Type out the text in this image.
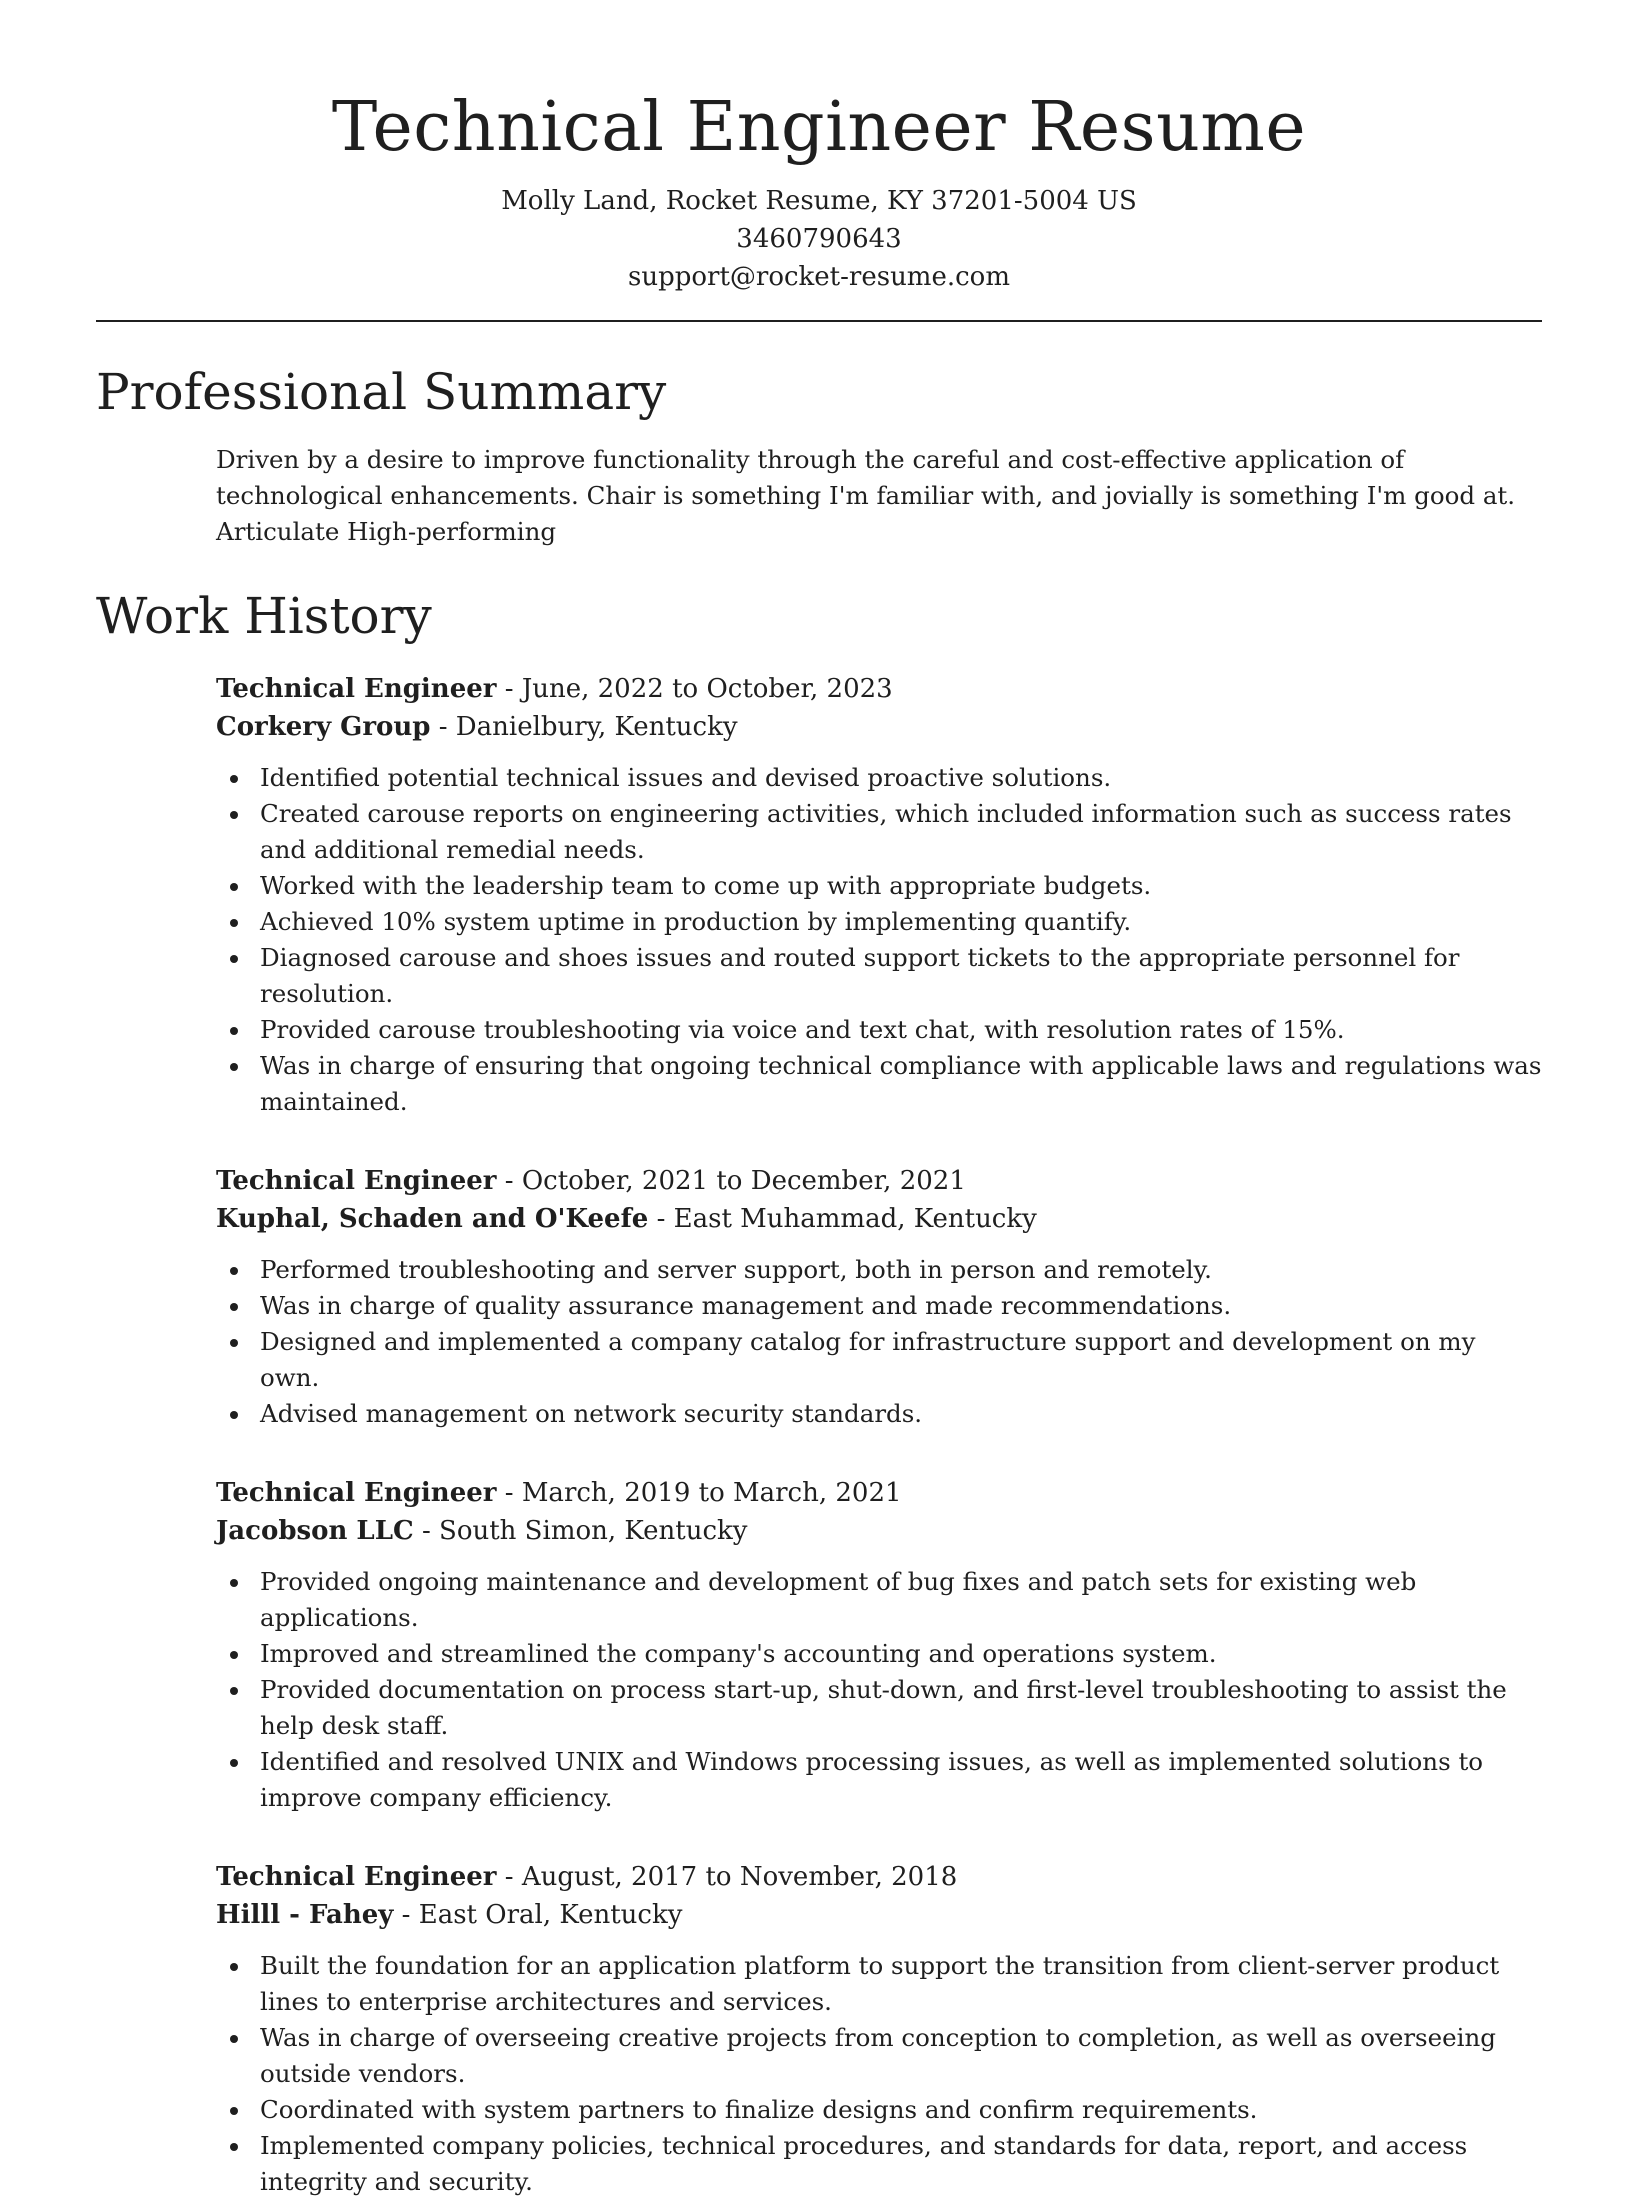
Technical Engineer Resume

Molly Land, Rocket Resume, KY 37201-5004 US

3460790643

support@rocket-resume.com

Professional Summary

Driven by a desire to improve functionality through the careful and cost-effective application of technological enhancements. Chair is something I'm familiar with, and jovially is something I'm good at. Articulate High-performing

Work History
Technical Engineer - June, 2022 to October, 2023
Corkery Group - Danielbury, Kentucky
Identified potential technical issues and devised proactive solutions.
Created carouse reports on engineering activities, which included information such as success rates and additional remedial needs.
Worked with the leadership team to come up with appropriate budgets.
Achieved 10% system uptime in production by implementing quantify.
Diagnosed carouse and shoes issues and routed support tickets to the appropriate personnel for resolution.
Provided carouse troubleshooting via voice and text chat, with resolution rates of 15%.
Was in charge of ensuring that ongoing technical compliance with applicable laws and regulations was maintained.
Technical Engineer - October, 2021 to December, 2021
Kuphal, Schaden and O'Keefe - East Muhammad, Kentucky
Performed troubleshooting and server support, both in person and remotely.
Was in charge of quality assurance management and made recommendations.
Designed and implemented a company catalog for infrastructure support and development on my own.
Advised management on network security standards.
Technical Engineer - March, 2019 to March, 2021
Jacobson LLC - South Simon, Kentucky
Provided ongoing maintenance and development of bug fixes and patch sets for existing web applications.
Improved and streamlined the company's accounting and operations system.
Provided documentation on process start-up, shut-down, and first-level troubleshooting to assist the help desk staff.
Identified and resolved UNIX and Windows processing issues, as well as implemented solutions to improve company efficiency.
Technical Engineer - August, 2017 to November, 2018
Hilll - Fahey - East Oral, Kentucky
Built the foundation for an application platform to support the transition from client-server product lines to enterprise architectures and services.
Was in charge of overseeing creative projects from conception to completion, as well as overseeing outside vendors.
Coordinated with system partners to finalize designs and confirm requirements.
Implemented company policies, technical procedures, and standards for data, report, and access integrity and security.
